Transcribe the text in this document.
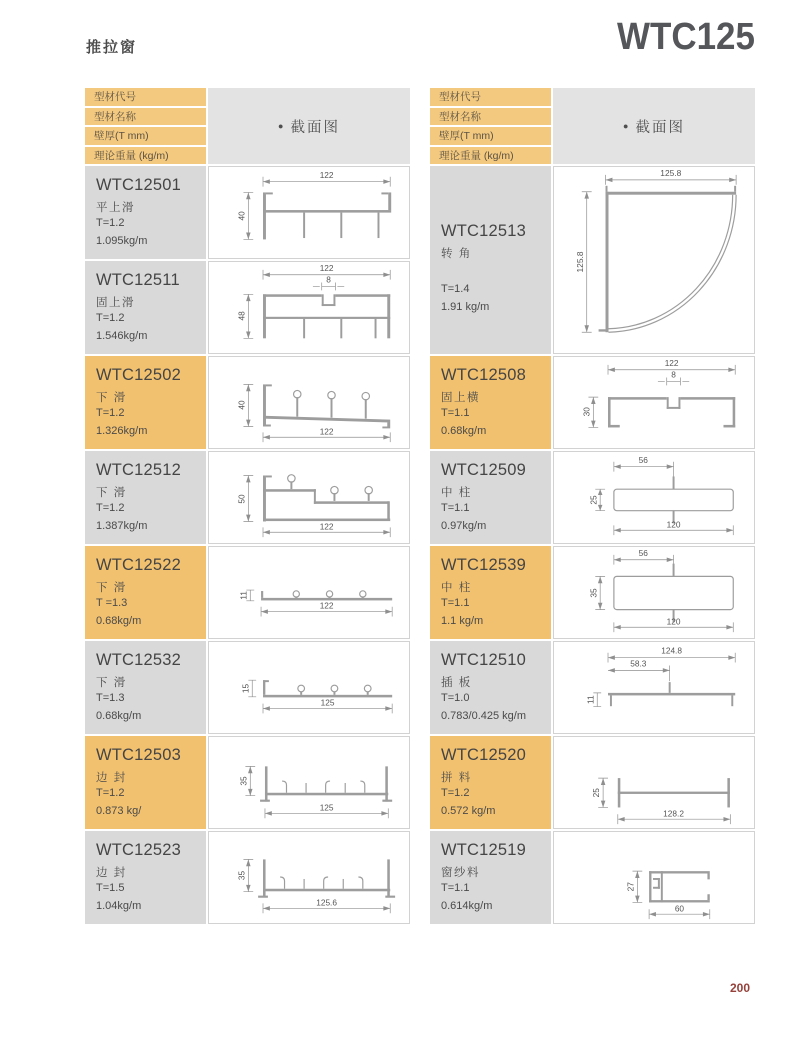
推拉窗	WTC125
型材代号
型材名称
壁厚(T mm)
理论重量 (kg/m)
● 截面图
WTC12501
平上滑
T=1.2
1.095kg/m
122
40
WTC12511
固上滑
T=1.2
1.546kg/m
122
8
48
WTC12502
下 滑
T=1.2
1.326kg/m
40
122
WTC12512
下 滑
T=1.2
1.387kg/m
50
122
WTC12522
下 滑
T =1.3
0.68kg/m
11
122
WTC12532
下 滑
T=1.3
0.68kg/m
15
125
WTC12503
边 封
T=1.2
0.873 kg/
35
125
WTC12523
边 封
T=1.5
1.04kg/m
35
125.6
型材代号
型材名称
壁厚(T mm)
理论重量 (kg/m)
● 截面图
WTC12513
转 角
T=1.4
1.91 kg/m
125.8
125.8
WTC12508
固上横
T=1.1
0.68kg/m
122
8
30
WTC12509
中 柱
T=1.1
0.97kg/m
56
25
120
WTC12539
中 柱
T=1.1
1.1 kg/m
56
35
120
WTC12510
插 板
T=1.0
0.783/0.425 kg/m
124.8
58.3
11
WTC12520
拼 料
T=1.2
0.572 kg/m
25
128.2
WTC12519
窗纱料
T=1.1
0.614kg/m
27
60
200
